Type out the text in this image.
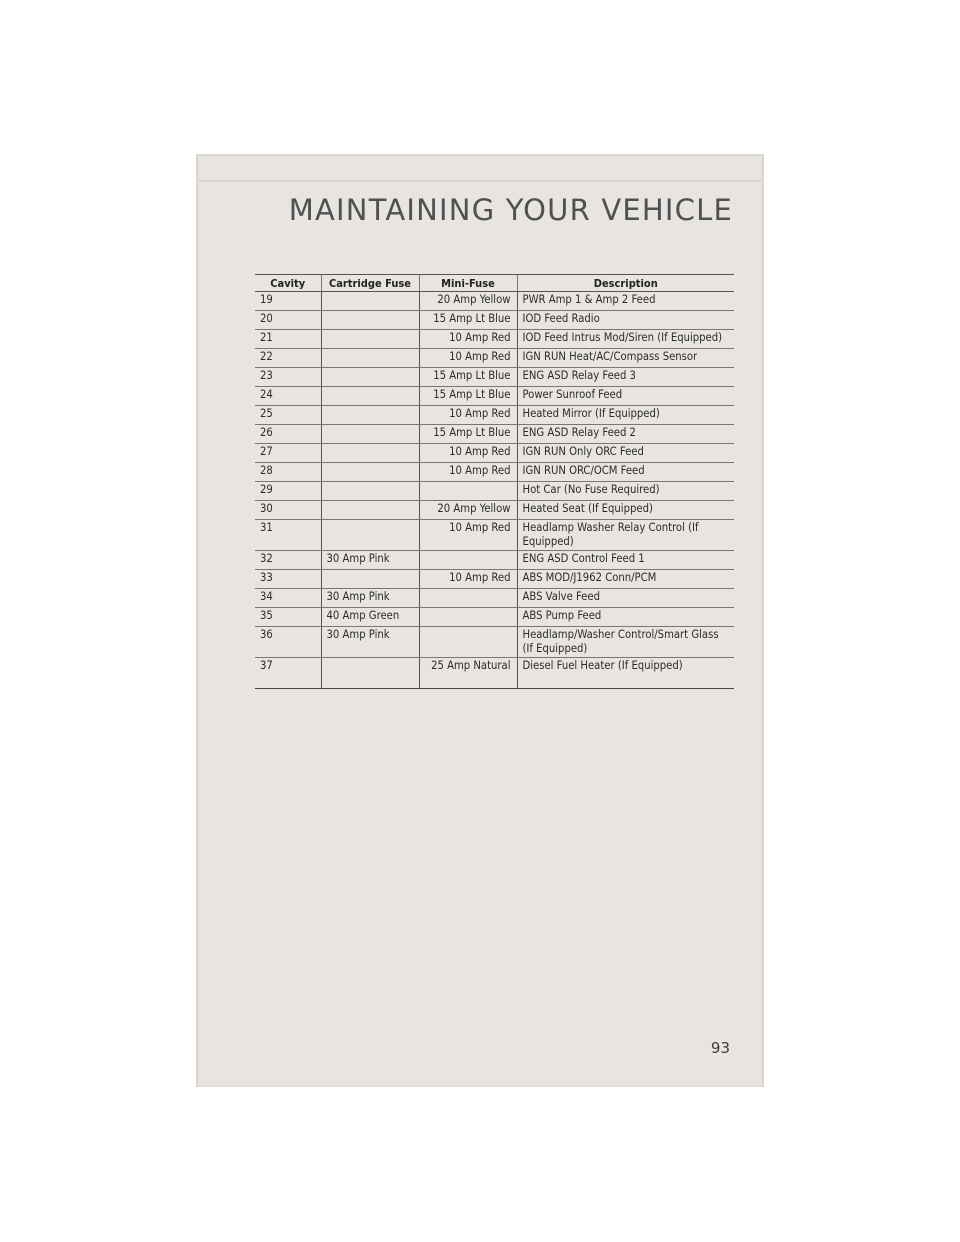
MAINTAINING YOUR VEHICLE
Cavity	Cartridge Fuse	Mini-Fuse	Description
19		20 Amp Yellow	PWR Amp 1 & Amp 2 Feed
20		15 Amp Lt Blue	IOD Feed Radio
21		10 Amp Red	IOD Feed Intrus Mod/Siren (If Equipped)
22		10 Amp Red	IGN RUN Heat/AC/Compass Sensor
23		15 Amp Lt Blue	ENG ASD Relay Feed 3
24		15 Amp Lt Blue	Power Sunroof Feed
25		10 Amp Red	Heated Mirror (If Equipped)
26		15 Amp Lt Blue	ENG ASD Relay Feed 2
27		10 Amp Red	IGN RUN Only ORC Feed
28		10 Amp Red	IGN RUN ORC/OCM Feed
29			Hot Car (No Fuse Required)
30		20 Amp Yellow	Heated Seat (If Equipped)
31		10 Amp Red	Headlamp Washer Relay Control (If Equipped)
32	30 Amp Pink		ENG ASD Control Feed 1
33		10 Amp Red	ABS MOD/J1962 Conn/PCM
34	30 Amp Pink		ABS Valve Feed
35	40 Amp Green		ABS Pump Feed
36	30 Amp Pink		Headlamp/Washer Control/Smart Glass (If Equipped)
37		25 Amp Natural	Diesel Fuel Heater (If Equipped)
93
